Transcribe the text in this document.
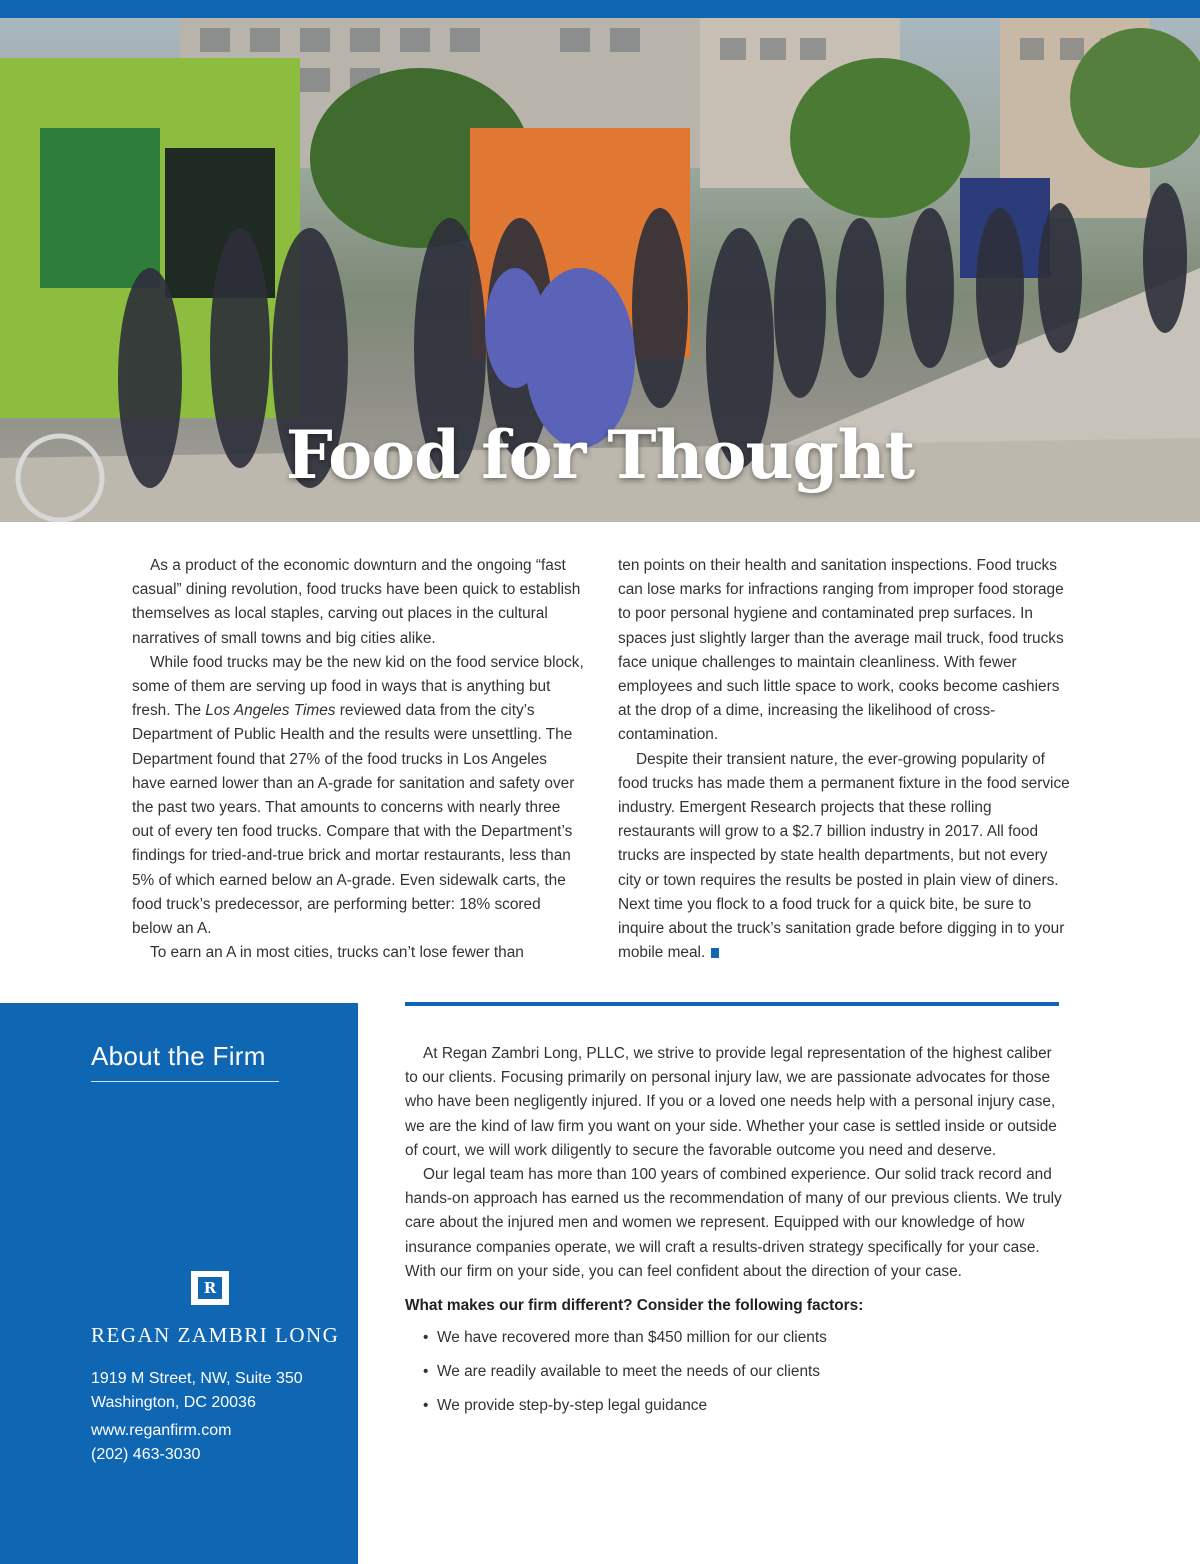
Food for Thought

As a product of the economic downturn and the ongoing “fast casual” dining revolution, food trucks have been quick to establish themselves as local staples, carving out places in the cultural narratives of small towns and big cities alike.

While food trucks may be the new kid on the food service block, some of them are serving up food in ways that is anything but fresh. The Los Angeles Times reviewed data from the city’s Department of Public Health and the results were unsettling. The Department found that 27% of the food trucks in Los Angeles have earned lower than an A-grade for sanitation and safety over the past two years. That amounts to concerns with nearly three out of every ten food trucks. Compare that with the Department’s findings for tried-and-true brick and mortar restaurants, less than 5% of which earned below an A-grade. Even sidewalk carts, the food truck’s predecessor, are performing better: 18% scored below an A.

To earn an A in most cities, trucks can’t lose fewer than

ten points on their health and sanitation inspections. Food trucks can lose marks for infractions ranging from improper food storage to poor personal hygiene and contaminated prep surfaces. In spaces just slightly larger than the average mail truck, food trucks face unique challenges to maintain cleanliness. With fewer employees and such little space to work, cooks become cashiers at the drop of a dime, increasing the likelihood of cross-contamination.

Despite their transient nature, the ever-growing popularity of food trucks has made them a permanent fixture in the food service industry. Emergent Research projects that these rolling restaurants will grow to a $2.7 billion industry in 2017. All food trucks are inspected by state health departments, but not every city or town requires the results be posted in plain view of diners. Next time you flock to a food truck for a quick bite, be sure to inquire about the truck’s sanitation grade before digging in to your mobile meal.

About the Firm
R
REGAN ZAMBRI LONG
1919 M Street, NW, Suite 350
Washington, DC 20036
www.reganfirm.com
(202) 463-3030

At Regan Zambri Long, PLLC, we strive to provide legal representation of the highest caliber to our clients. Focusing primarily on personal injury law, we are passionate advocates for those who have been negligently injured. If you or a loved one needs help with a personal injury case, we are the kind of law firm you want on your side. Whether your case is settled inside or outside of court, we will work diligently to secure the favorable outcome you need and deserve.

Our legal team has more than 100 years of combined experience. Our solid track record and hands-on approach has earned us the recommendation of many of our previous clients. We truly care about the injured men and women we represent. Equipped with our knowledge of how insurance companies operate, we will craft a results-driven strategy specifically for your case. With our firm on your side, you can feel confident about the direction of your case.

What makes our firm different? Consider the following factors:

• We have recovered more than $450 million for our clients
• We are readily available to meet the needs of our clients
• We provide step-by-step legal guidance
